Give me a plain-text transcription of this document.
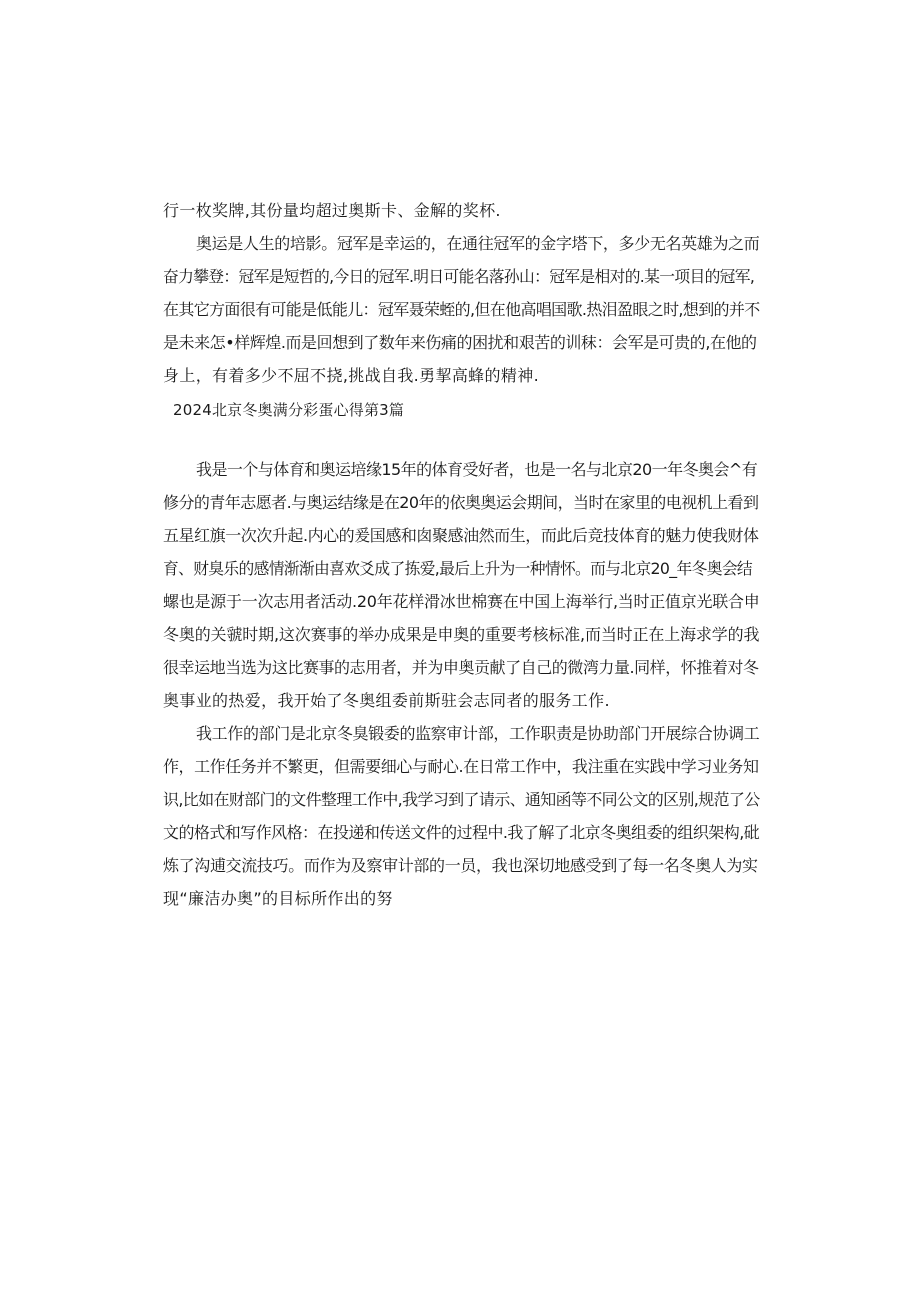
行一枚奖牌,其份量均超过奥斯卡、金解的奖杯.
奥运是人生的培影。冠军是幸运的，在通往冠军的金字塔下，多少无名英雄为之而
奋力攀登：冠军是短哲的,今日的冠军.明日可能名落孙山：冠军是相对的.某一项目的冠军,
在其它方面很有可能是低能儿：冠军聂荣蛭的,但在他高唱国歌.热泪盈眼之时,想到的并不
是未来怎•样辉煌.而是回想到了数年来伤痛的困扰和艰苦的训秣：会军是可贵的,在他的
身上，有着多少不屈不挠,挑战自我.勇挈高蜂的精神.
2024北京冬奥满分彩蛋心得第3篇
我是一个与体育和奥运培缘15年的体育受好者，也是一名与北京20一年冬奥会^有
修分的青年志愿者.与奥运结缘是在20年的依奥奥运会期间，当时在家里的电视机上看到
五星红旗一次次升起.内心的爰国感和囱聚感油然而生，而此后竞技体育的魅力使我财体
育、财臭乐的感情渐渐由喜欢爻成了拣爱,最后上升为一种情怀。而与北京20_年冬奥会结
螺也是源于一次志用者活动.20年花样滑冰世棉赛在中国上海举行,当时正值京光联合申
冬奥的关虢时期,这次赛事的举办成果是申奥的重要考核标准,而当时正在上海求学的我
很幸运地当选为这比赛事的志用者，并为申奥贡献了自己的微湾力量.同样，怀推着对冬
奥事业的热爱，我开始了冬奥组委前斯驻会志同者的服务工作.
我工作的部门是北京冬臭锻委的监察审计部，工作职责是协助部门开展综合协调工
作，工作任务并不繁更，但需要细心与耐心.在日常工作中，我注重在实践中学习业务知
识,比如在财部门的文件整理工作中,我学习到了请示、通知函等不同公文的区别,规范了公
文的格式和写作风格：在投递和传送文件的过程中.我了解了北京冬奥组委的组织架构,砒
炼了沟逋交流技巧。而作为及察审计部的一员，我也深切地感受到了每一名冬奥人为实
现“廉洁办奥”的目标所作出的努
